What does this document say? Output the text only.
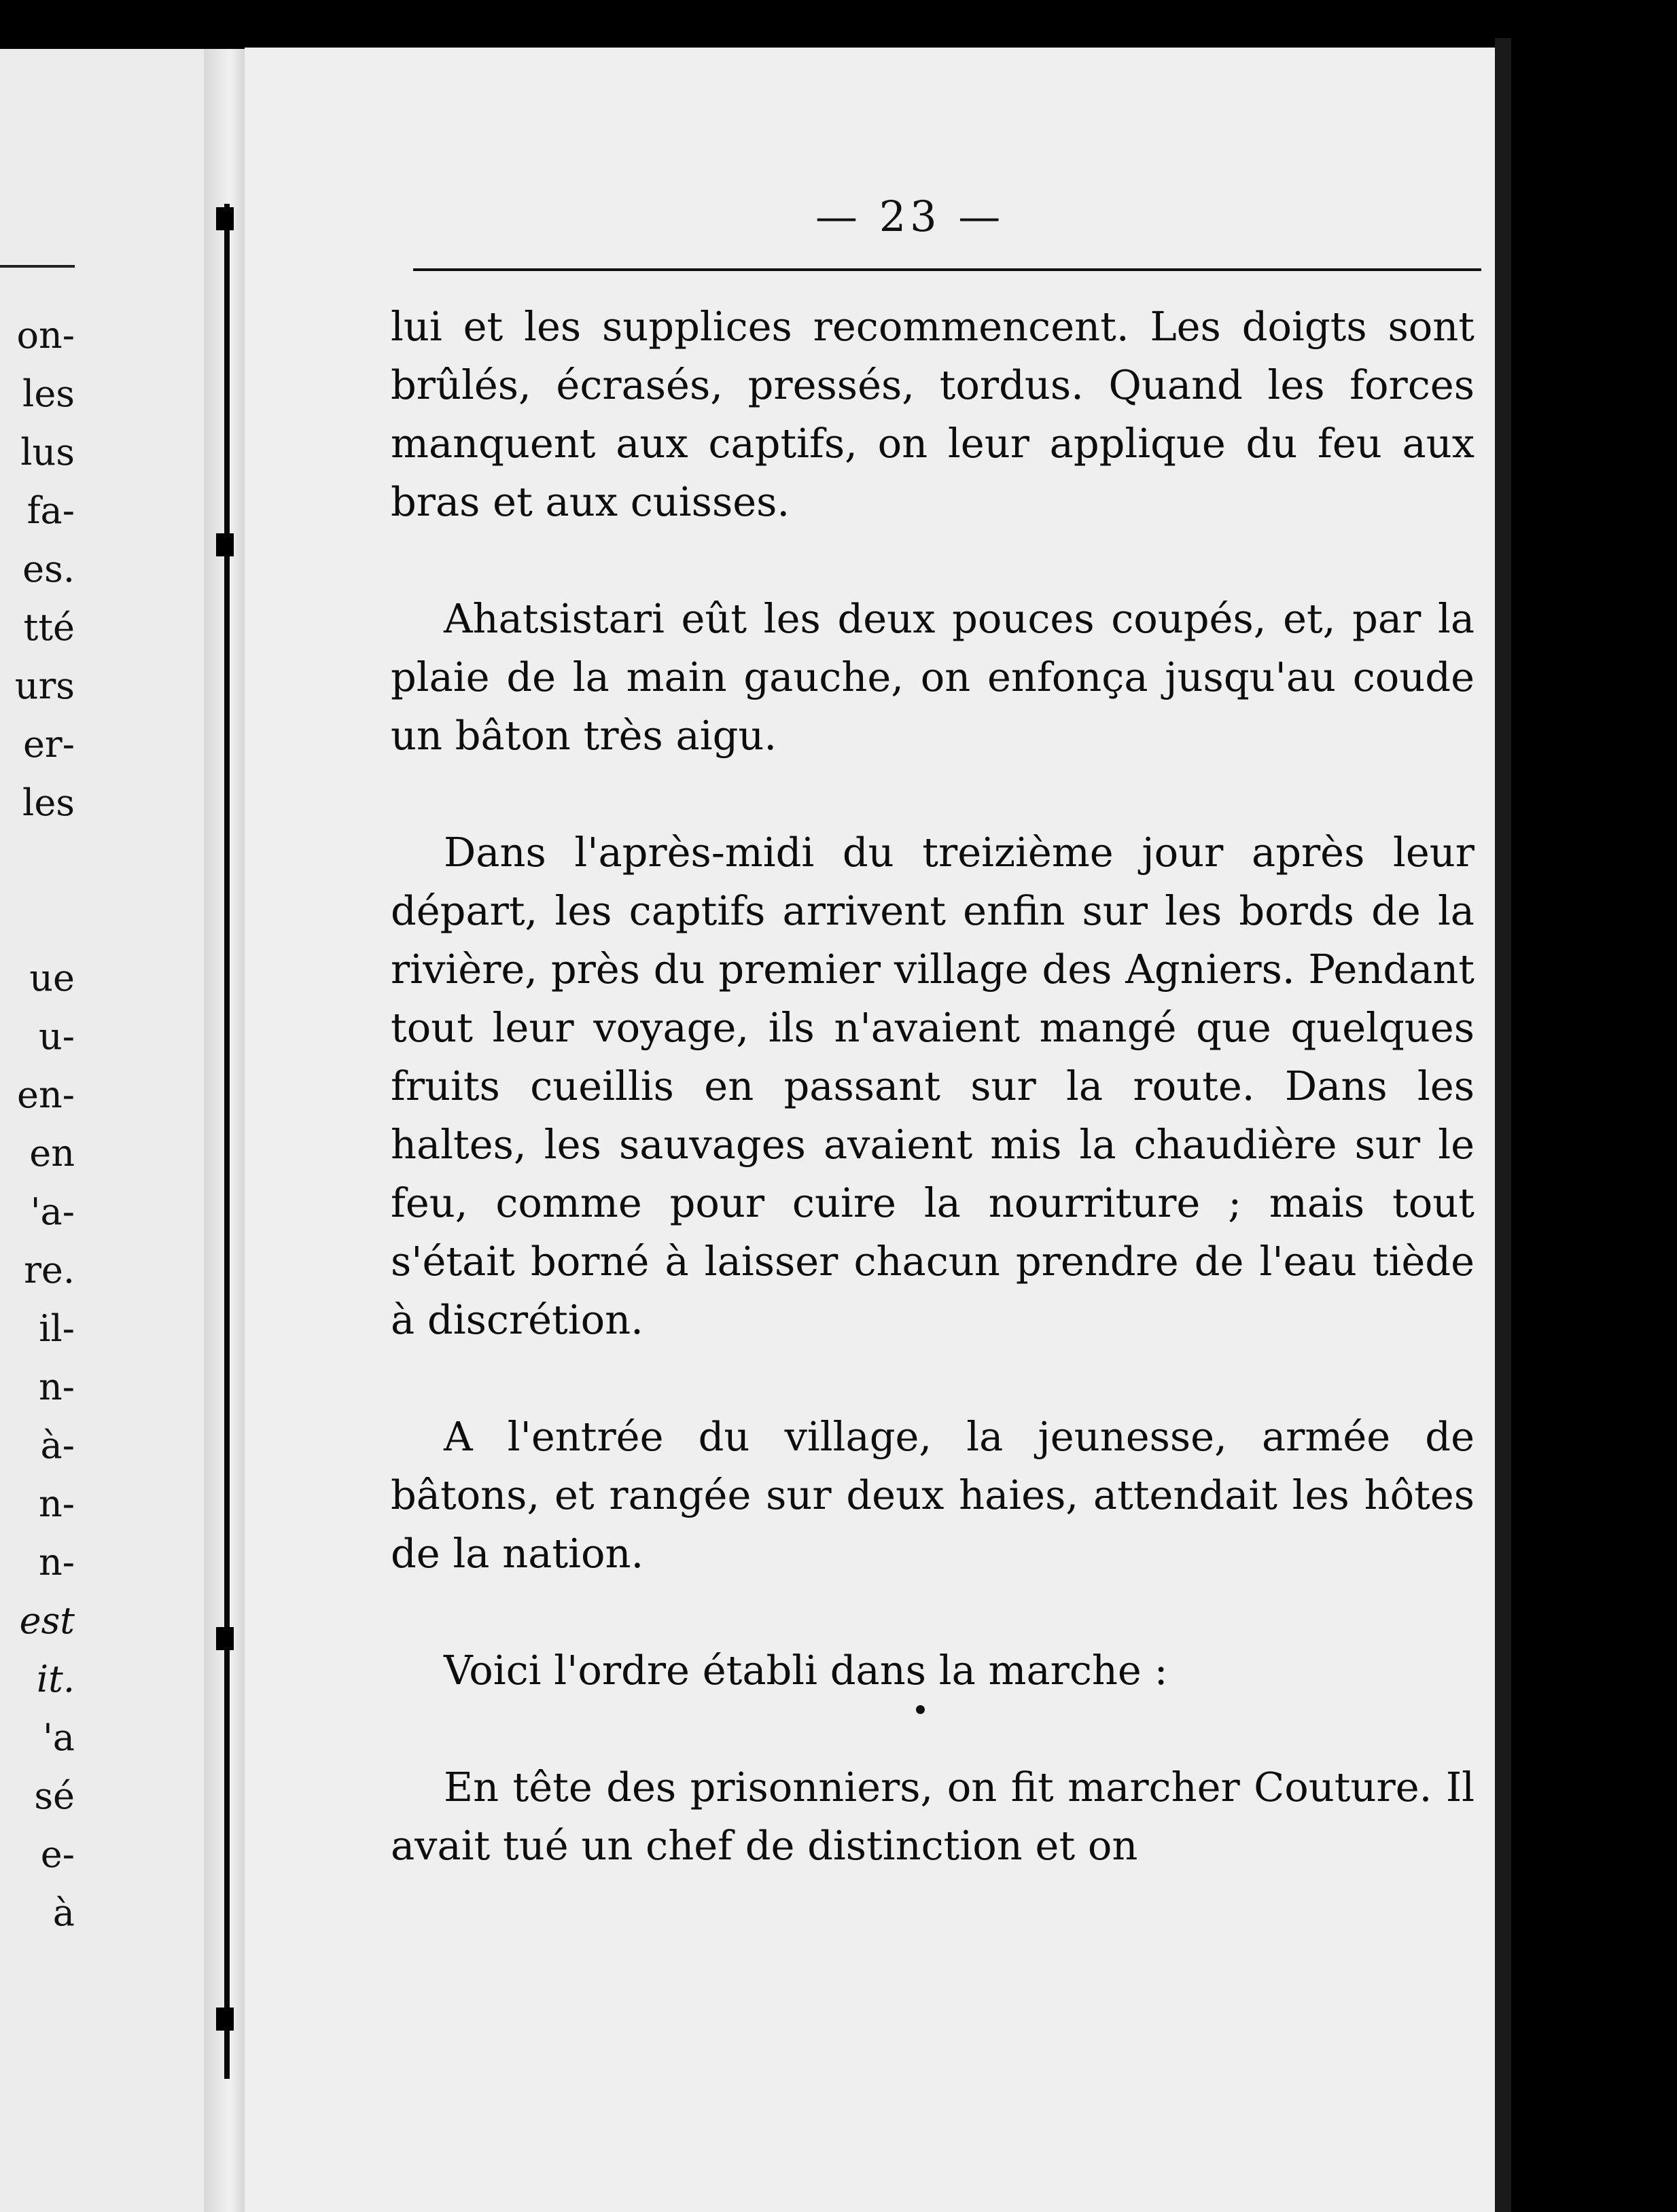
on-
les
lus
fa-
es.
tté
urs
er-
les
ue
u-
en-
en
'a-
re.
il-
n-
à-
n-
n-
est
it.
'a
sé
e-
à
— 23 —

lui et les supplices recommencent. Les doigts sont brûlés, écrasés, pressés, tordus. Quand les forces manquent aux captifs, on leur applique du feu aux bras et aux cuisses.

Ahatsistari eût les deux pouces coupés, et, par la plaie de la main gauche, on enfonça jusqu'au coude un bâton très aigu.

Dans l'après-midi du treizième jour après leur départ, les captifs arrivent enfin sur les bords de la rivière, près du premier village des Agniers. Pendant tout leur voyage, ils n'avaient mangé que quelques fruits cueillis en passant sur la route. Dans les haltes, les sauvages avaient mis la chaudière sur le feu, comme pour cuire la nourriture ; mais tout s'était borné à laisser chacun prendre de l'eau tiède à discrétion.

A l'entrée du village, la jeunesse, armée de bâtons, et rangée sur deux haies, attendait les hôtes de la nation.

Voici l'ordre établi dans la marche :

En tête des prisonniers, on fit marcher Couture. Il avait tué un chef de distinction et on
